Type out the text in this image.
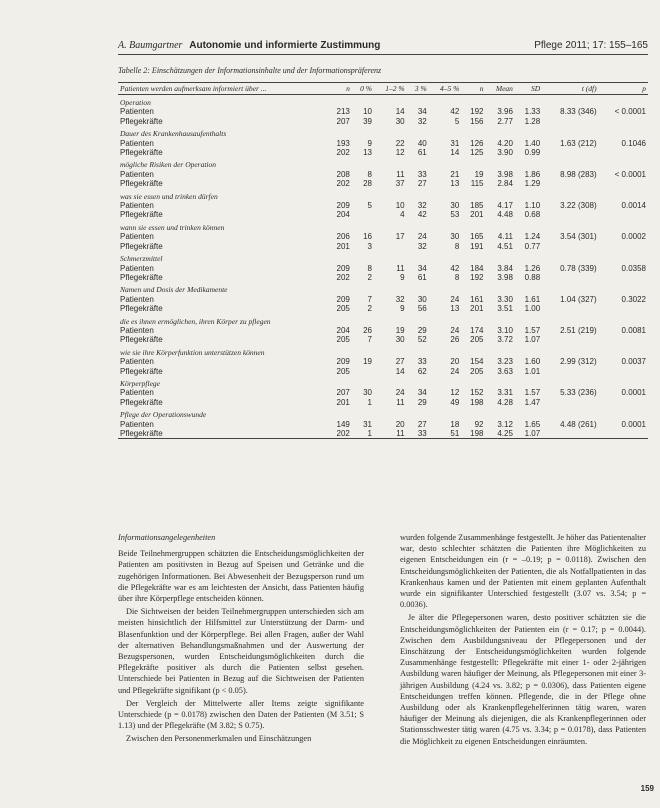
A. Baumgartner Autonomie und informierte Zustimmung	Pflege 2011; 17: 155–165
Tabelle 2: Einschätzungen der Informationsinhalte und der Informationspräferenz
Patienten werden aufmerksam informiert über ...	n	0 %	1–2 %	3 %	4–5 %	n	Mean	SD	t (df)	p
Operation										
Patienten	213	10	14	34	42	192	3.96	1.33	8.33 (346)	< 0.0001
Pflegekräfte	207	39	30	32	5	156	2.77	1.28		
Dauer des Krankenhausaufenthalts										
Patienten	193	9	22	40	31	126	4.20	1.40	1.63 (212)	0.1046
Pflegekräfte	202	13	12	61	14	125	3.90	0.99		
mögliche Risiken der Operation										
Patienten	208	8	11	33	21	19	3.98	1.86	8.98 (283)	< 0.0001
Pflegekräfte	202	28	37	27	13	115	2.84	1.29		
was sie essen und trinken dürfen										
Patienten	209	5	10	32	30	185	4.17	1.10	3.22 (308)	0.0014
Pflegekräfte	204		4	42	53	201	4.48	0.68		
wann sie essen und trinken können										
Patienten	206	16	17	24	30	165	4.11	1.24	3.54 (301)	0.0002
Pflegekräfte	201	3		32	8	191	4.51	0.77		
Schmerzmittel										
Patienten	209	8	11	34	42	184	3.84	1.26	0.78 (339)	0.0358
Pflegekräfte	202	2	9	61	8	192	3.98	0.88		
Namen und Dosis der Medikamente										
Patienten	209	7	32	30	24	161	3.30	1.61	1.04 (327)	0.3022
Pflegekräfte	205	2	9	56	13	201	3.51	1.00		
die es ihnen ermöglichen, ihren Körper zu pflegen										
Patienten	204	26	19	29	24	174	3.10	1.57	2.51 (219)	0.0081
Pflegekräfte	205	7	30	52	26	205	3.72	1.07		
wie sie ihre Körperfunktion unterstützen können										
Patienten	209	19	27	33	20	154	3.23	1.60	2.99 (312)	0.0037
Pflegekräfte	205		14	62	24	205	3.63	1.01		
Körperpflege										
Patienten	207	30	24	34	12	152	3.31	1.57	5.33 (236)	0.0001
Pflegekräfte	201	1	11	29	49	198	4.28	1.47		
Pflege der Operationswunde										
Patienten	149	31	20	27	18	92	3.12	1.65	4.48 (261)	0.0001
Pflegekräfte	202	1	11	33	51	198	4.25	1.07		
Informationsangelegenheiten

Beide Teilnehmergruppen schätzten die Entscheidungsmöglichkeiten der Patienten am positivsten in Bezug auf Speisen und Getränke und die zugehörigen Informationen. Bei Abwesenheit der Bezugsperson rund um die Pflegekräfte war es am leichtesten der Ansicht, dass Patienten häufig über ihre Körperpflege entscheiden können.

Die Sichtweisen der beiden Teilnehmergruppen unterschieden sich am meisten hinsichtlich der Hilfsmittel zur Unterstützung der Darm- und Blasenfunktion und der Körperpflege. Bei allen Fragen, außer der Wahl der alternativen Behandlungsmaßnahmen und der Auswertung der Bezugspersonen, wurden Entscheidungsmöglichkeiten durch die Pflegekräfte positiver als durch die Patienten selbst gesehen. Unterschiede bei Patienten in Bezug auf die Sichtweisen der Patienten und Pflegekräfte signifikant (p < 0.05).

Der Vergleich der Mittelwerte aller Items zeigte signifikante Unterschiede (p = 0.0178) zwischen den Daten der Patienten (M 3.51; S 1.13) und der Pflegekräfte (M 3.82; S 0.75).

Zwischen den Personenmerkmalen und Einschätzungen

wurden folgende Zusammenhänge festgestellt. Je höher das Patientenalter war, desto schlechter schätzten die Patienten ihre Möglichkeiten zu eigenen Entscheidungen ein (r = –0.19; p = 0.0118). Zwischen den Entscheidungsmöglichkeiten der Patienten, die als Notfallpatienten in das Krankenhaus kamen und der Patienten mit einem geplanten Aufenthalt wurde ein signifikanter Unterschied festgestellt (3.07 vs. 3.54; p = 0.0036).

Je älter die Pflegepersonen waren, desto positiver schätzten sie die Entscheidungsmöglichkeiten der Patienten ein (r = 0.17; p = 0.0044). Zwischen dem Ausbildungsniveau der Pflegepersonen und der Einschätzung der Entscheidungsmöglichkeiten wurden folgende Zusammenhänge festgestellt: Pflegekräfte mit einer 1- oder 2-jährigen Ausbildung waren häufiger der Meinung, als Pflegepersonen mit einer 3-jährigen Ausbildung (4.24 vs. 3.82; p = 0.0306), dass Patienten eigene Entscheidungen treffen können. Pflegende, die in der Pflege ohne Ausbildung oder als Krankenpflegehelferinnen tätig waren, waren häufiger der Meinung als diejenigen, die als Krankenpflegerinnen oder Stationsschwester tätig waren (4.75 vs. 3.34; p = 0.0178), dass Patienten die Möglichkeit zu eigenen Entscheidungen einräumten.

159
